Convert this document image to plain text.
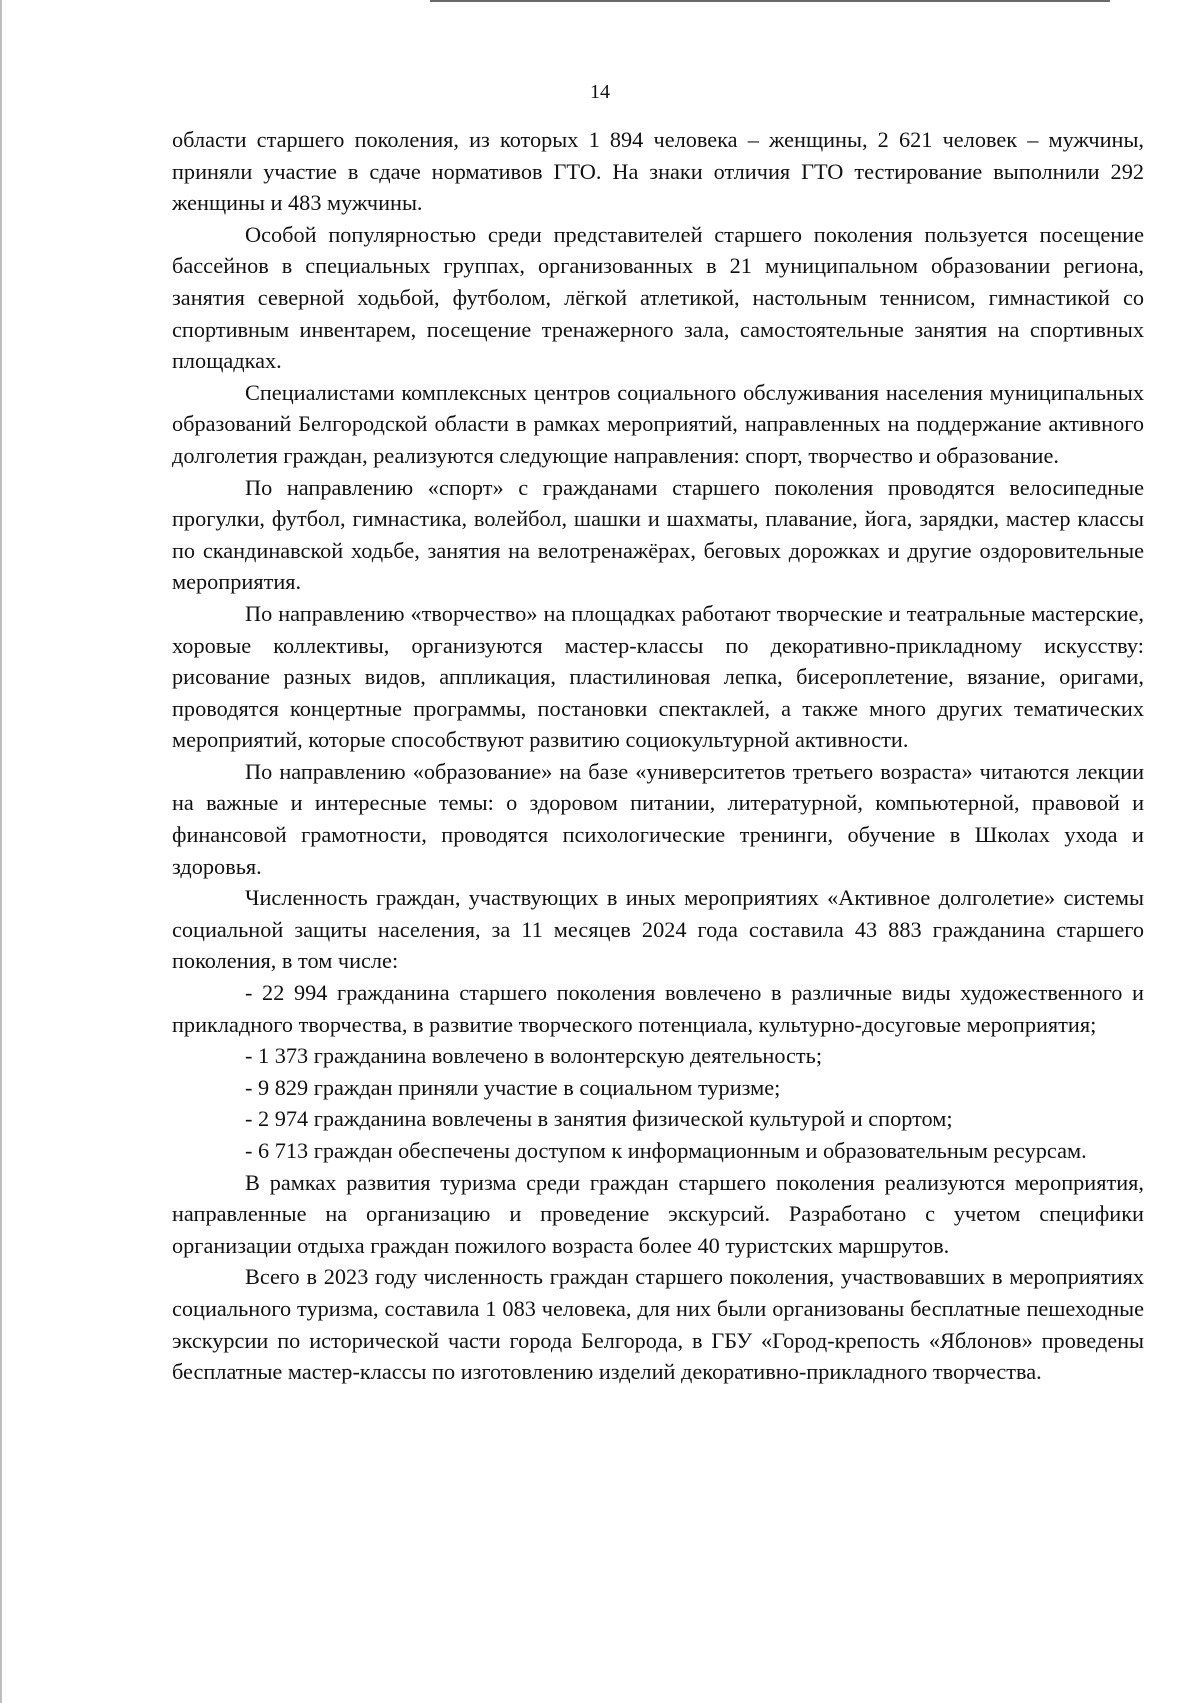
14

области старшего поколения, из которых 1 894 человека – женщины, 2 621 человек – мужчины, приняли участие в сдаче нормативов ГТО. На знаки отличия ГТО тестирование выполнили 292 женщины и 483 мужчины.

Особой популярностью среди представителей старшего поколения пользуется посещение бассейнов в специальных группах, организованных в 21 муниципальном образовании региона, занятия северной ходьбой, футболом, лёгкой атлетикой, настольным теннисом, гимнастикой со спортивным инвентарем, посещение тренажерного зала, самостоятельные занятия на спортивных площадках.

Специалистами комплексных центров социального обслуживания населения муниципальных образований Белгородской области в рамках мероприятий, направленных на поддержание активного долголетия граждан, реализуются следующие направления: спорт, творчество и образование.

По направлению «спорт» с гражданами старшего поколения проводятся велосипедные прогулки, футбол, гимнастика, волейбол, шашки и шахматы, плавание, йога, зарядки, мастер классы по скандинавской ходьбе, занятия на велотренажёрах, беговых дорожках и другие оздоровительные мероприятия.

По направлению «творчество» на площадках работают творческие и театральные мастерские, хоровые коллективы, организуются мастер-классы по декоративно-прикладному искусству: рисование разных видов, аппликация, пластилиновая лепка, бисероплетение, вязание, оригами, проводятся концертные программы, постановки спектаклей, а также много других тематических мероприятий, которые способствуют развитию социокультурной активности.

По направлению «образование» на базе «университетов третьего возраста» читаются лекции на важные и интересные темы: о здоровом питании, литературной, компьютерной, правовой и финансовой грамотности, проводятся психологические тренинги, обучение в Школах ухода и здоровья.

Численность граждан, участвующих в иных мероприятиях «Активное долголетие» системы социальной защиты населения, за 11 месяцев 2024 года составила 43 883 гражданина старшего поколения, в том числе:

- 22 994 гражданина старшего поколения вовлечено в различные виды художественного и прикладного творчества, в развитие творческого потенциала, культурно-досуговые мероприятия;

- 1 373 гражданина вовлечено в волонтерскую деятельность;

- 9 829 граждан приняли участие в социальном туризме;

- 2 974 гражданина вовлечены в занятия физической культурой и спортом;

- 6 713 граждан обеспечены доступом к информационным и образовательным ресурсам.

В рамках развития туризма среди граждан старшего поколения реализуются мероприятия, направленные на организацию и проведение экскурсий. Разработано с учетом специфики организации отдыха граждан пожилого возраста более 40 туристских маршрутов.

Всего в 2023 году численность граждан старшего поколения, участвовавших в мероприятиях социального туризма, составила 1 083 человека, для них были организованы бесплатные пешеходные экскурсии по исторической части города Белгорода, в ГБУ «Город-крепость «Яблонов» проведены бесплатные мастер-классы по изготовлению изделий декоративно-прикладного творчества.
